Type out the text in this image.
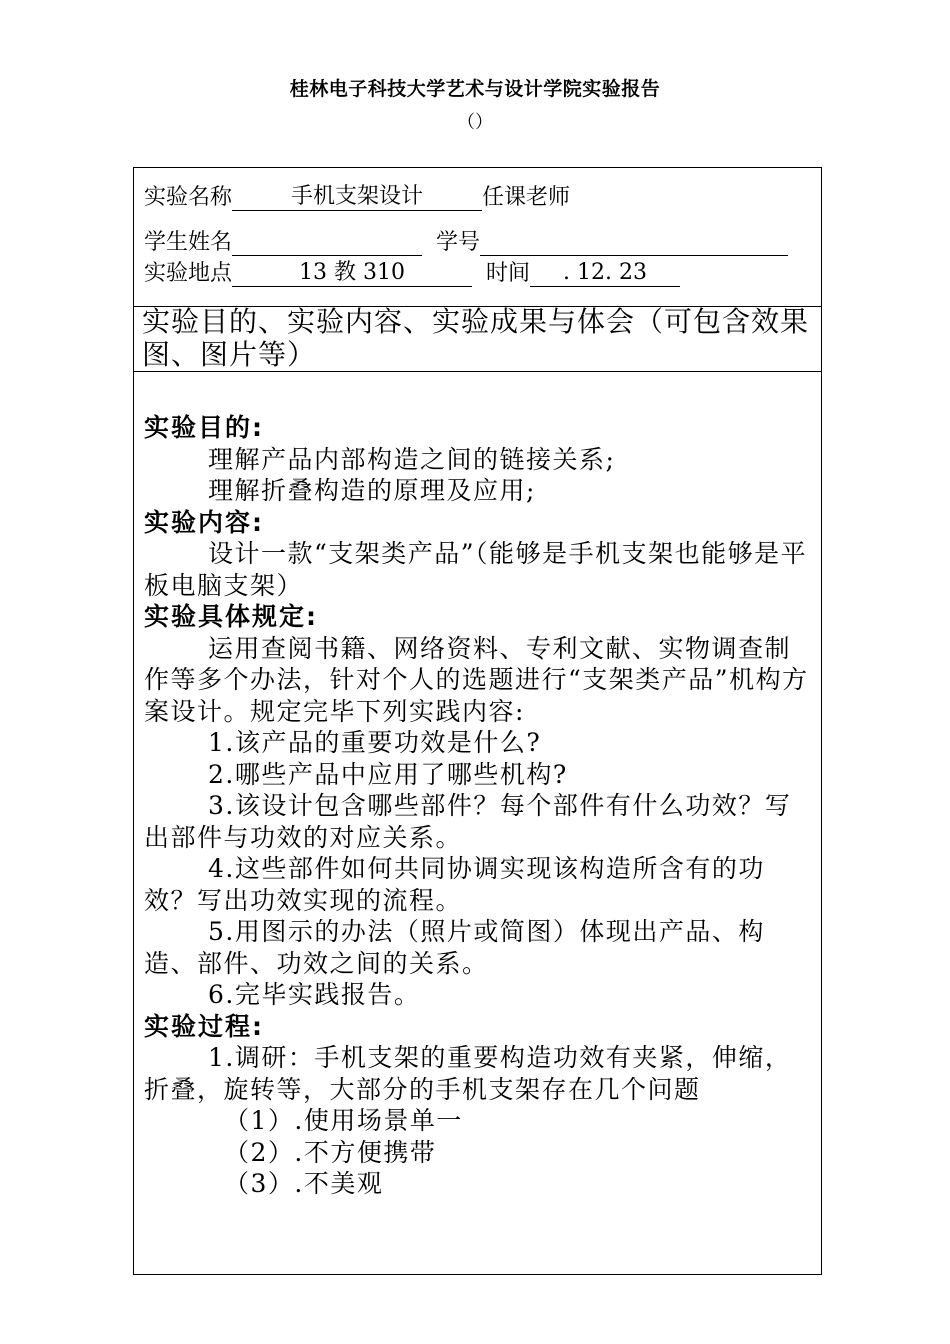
桂林电子科技大学艺术与设计学院实验报告
（）
实验名称	手机支架设计	任课老师
学生姓名	学号
实验地点	13 教 310	时间	. 12. 23
实验目的、实验内容、实验成果与体会（可包含效果图、图片等）

实验目的:

理解产品内部构造之间的链接关系;

理解折叠构造的原理及应用;

实验内容:

设计一款“支架类产品”（能够是手机支架也能够是平板电脑支架）

实验具体规定:

运用查阅书籍、网络资料、专利文献、实物调查制作等多个办法，针对个人的选题进行“支架类产品”机构方案设计。规定完毕下列实践内容:

1.该产品的重要功效是什么?

2.哪些产品中应用了哪些机构?

3.该设计包含哪些部件？每个部件有什么功效？写出部件与功效的对应关系。

4.这些部件如何共同协调实现该构造所含有的功效？写出功效实现的流程。

5.用图示的办法（照片或简图）体现出产品、构造、部件、功效之间的关系。

6.完毕实践报告。

实验过程:

1.调研：手机支架的重要构造功效有夹紧，伸缩，折叠，旋转等，大部分的手机支架存在几个问题

（1）.使用场景单一

（2）.不方便携带

（3）.不美观
